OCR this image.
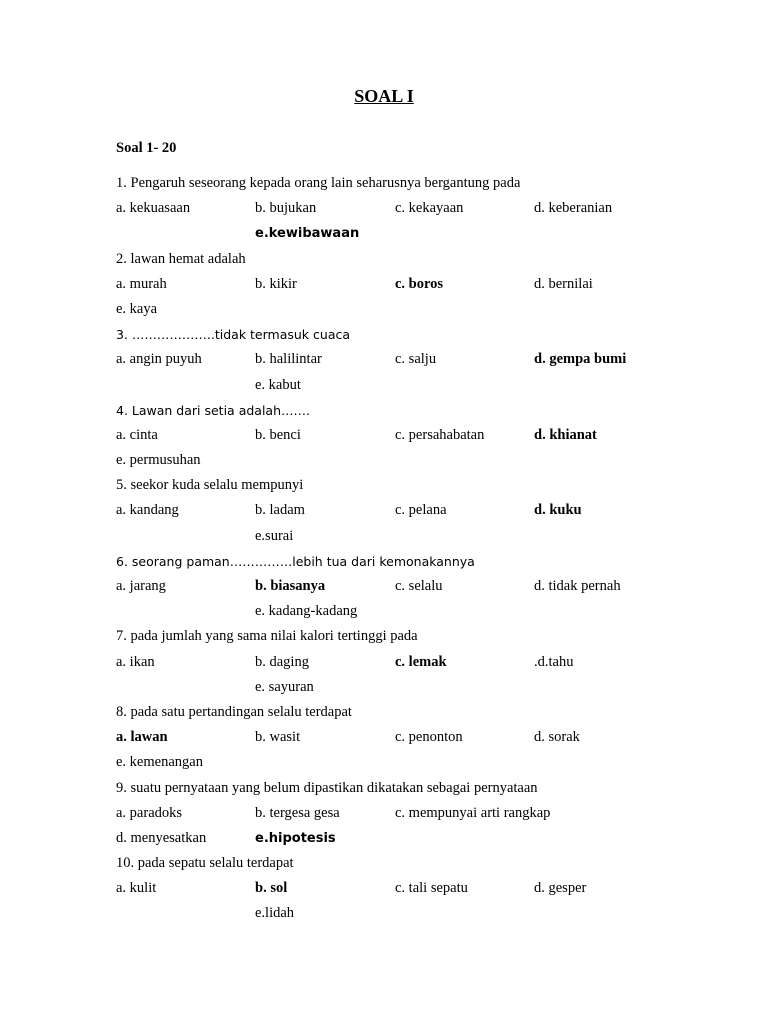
SOAL I
Soal 1- 20
1. Pengaruh seseorang kepada orang lain seharusnya bergantung pada
a. kekuasaan	b. bujukan	c. kekayaan	d. keberanian
e.kewibawaan
2. lawan hemat adalah
a. murah	b. kikir	c. boros	d. bernilai
e. kaya
3. ………………..tidak termasuk cuaca
a. angin puyuh	b. halilintar	c. salju	d. gempa bumi
e. kabut
4. Lawan dari setia adalah…….
a. cinta	b. benci	c. persahabatan	d. khianat
e. permusuhan
5. seekor kuda selalu mempunyi
a. kandang	b. ladam	c. pelana	d. kuku
e.surai
6. seorang paman……………lebih tua dari kemonakannya
a. jarang	b. biasanya	c. selalu	d. tidak pernah
e. kadang-kadang
7. pada jumlah yang sama nilai kalori tertinggi pada
a. ikan	b. daging	c. lemak	.d.tahu
e. sayuran
8. pada satu pertandingan selalu terdapat
a. lawan	b. wasit	c. penonton	d. sorak
e. kemenangan
9. suatu pernyataan yang belum dipastikan dikatakan sebagai pernyataan
a. paradoks	b. tergesa gesa	c. mempunyai arti rangkap
d. menyesatkan	e.hipotesis
10. pada sepatu selalu terdapat
a. kulit	b. sol	c. tali sepatu	d. gesper
e.lidah
